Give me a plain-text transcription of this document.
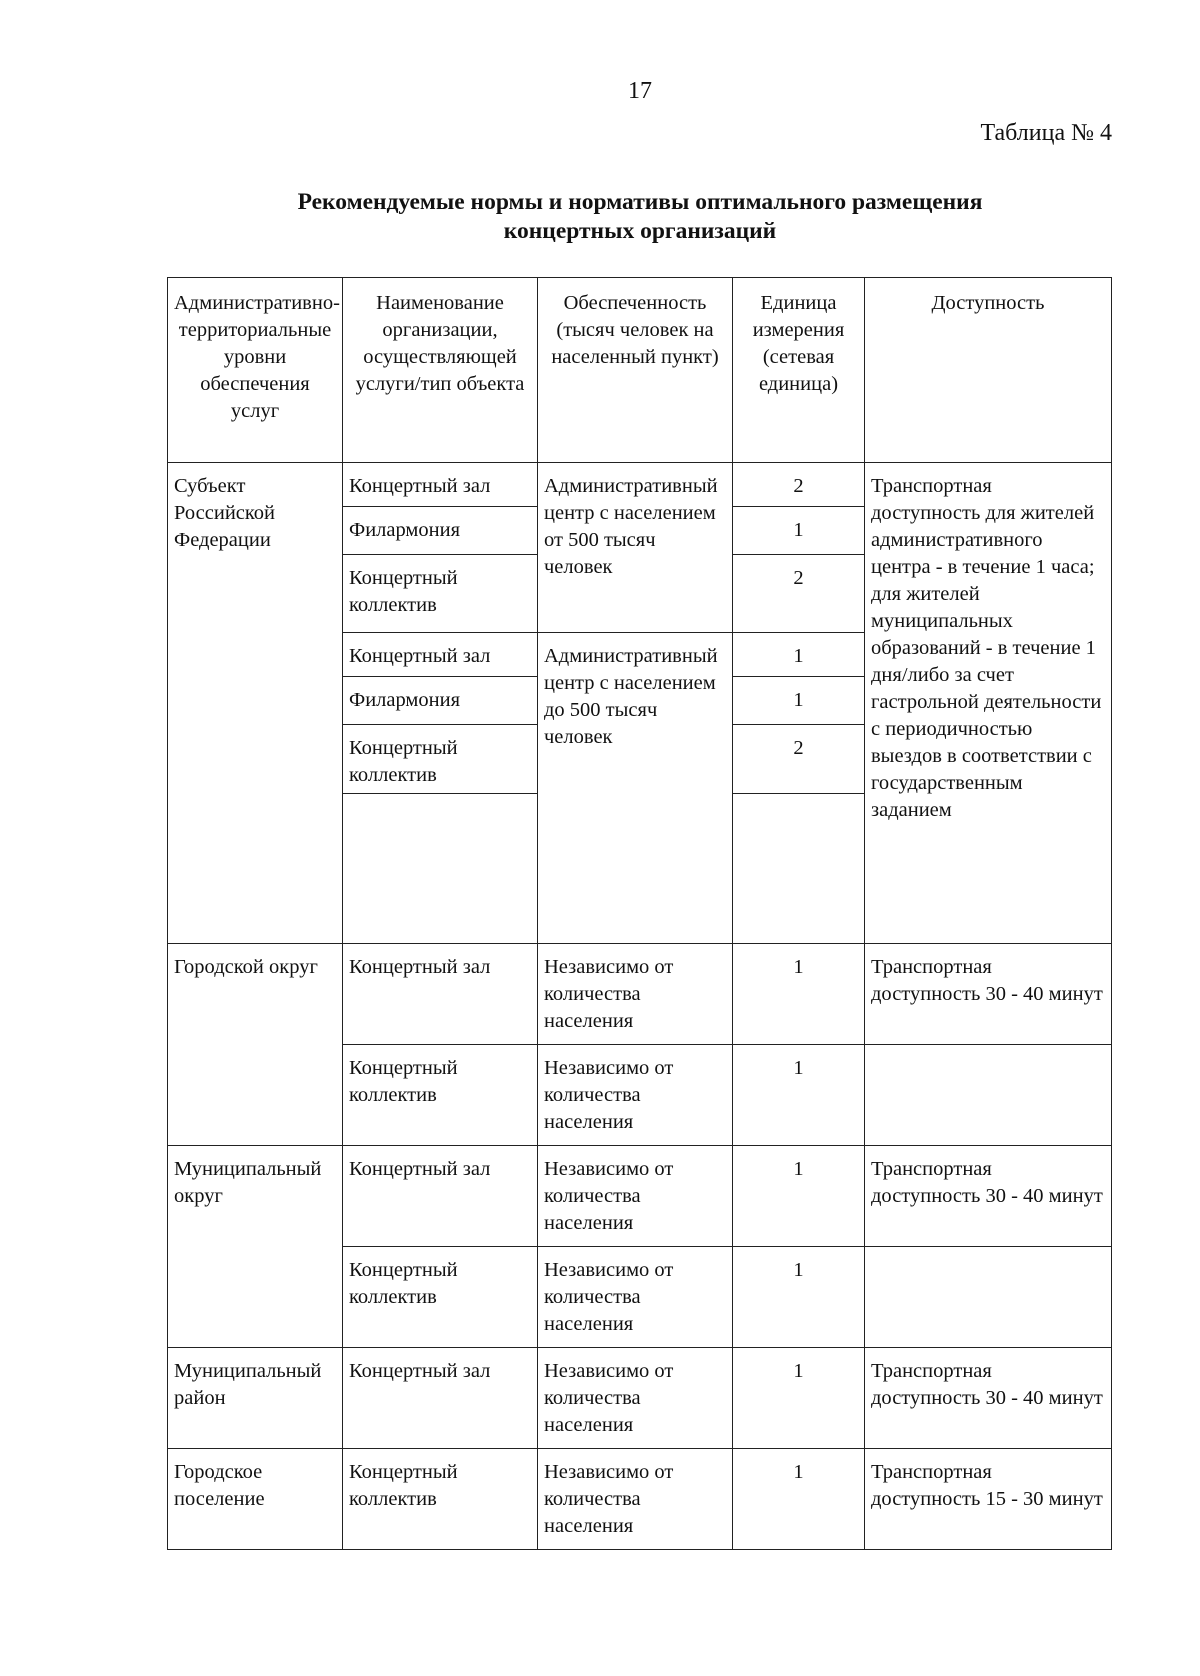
17
Таблица № 4
Рекомендуемые нормы и нормативы оптимального размещения
концертных организаций
Административно-территориальные уровни обеспечения услуг	Наименование организации, осуществляющей услуги/тип объекта	Обеспеченность (тысяч человек на населенный пункт)	Единица измерения (сетевая единица)	Доступность
Субъект Российской Федерации	Концертный зал	Административный центр с населением от 500 тысяч человек	2	Транспортная доступность для жителей административного центра - в течение 1 часа; для жителей муниципальных образований - в течение 1 дня/либо за счет гастрольной деятельности с периодичностью выездов в соответствии с государственным заданием
	Филармония		1	
	Концертный коллектив		2	
	Концертный зал	Административный центр с населением до 500 тысяч человек	1	
	Филармония		1	
	Концертный коллектив		2	

Городской округ	Концертный зал	Независимо от количества населения	1	Транспортная доступность 30 - 40 минут
	Концертный коллектив	Независимо от количества населения	1	
Муниципальный округ	Концертный зал	Независимо от количества населения	1	Транспортная доступность 30 - 40 минут
	Концертный коллектив	Независимо от количества населения	1	
Муниципальный район	Концертный зал	Независимо от количества населения	1	Транспортная доступность 30 - 40 минут
Городское поселение	Концертный коллектив	Независимо от количества населения	1	Транспортная доступность 15 - 30 минут
